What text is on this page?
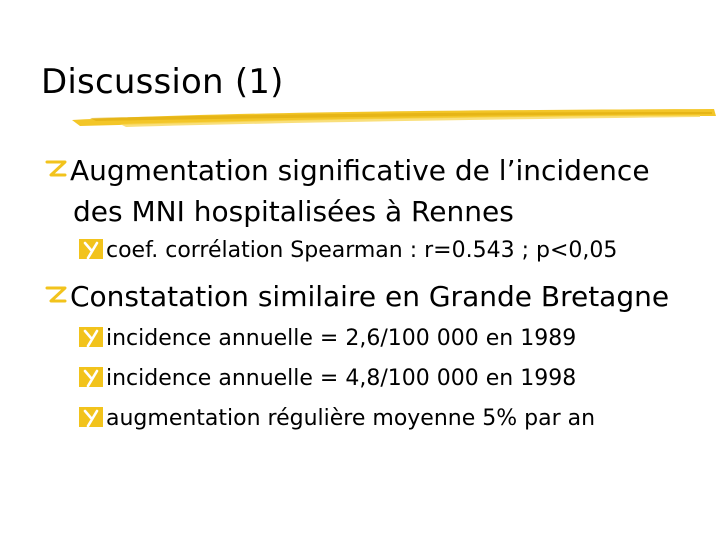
Discussion (1)
Augmentation significative de l’incidence
des MNI hospitalisées à Rennes
coef. corrélation Spearman : r=0.543 ; p<0,05
Constatation similaire en Grande Bretagne
incidence annuelle = 2,6/100 000 en 1989
incidence annuelle = 4,8/100 000 en 1998
augmentation régulière moyenne 5% par an
